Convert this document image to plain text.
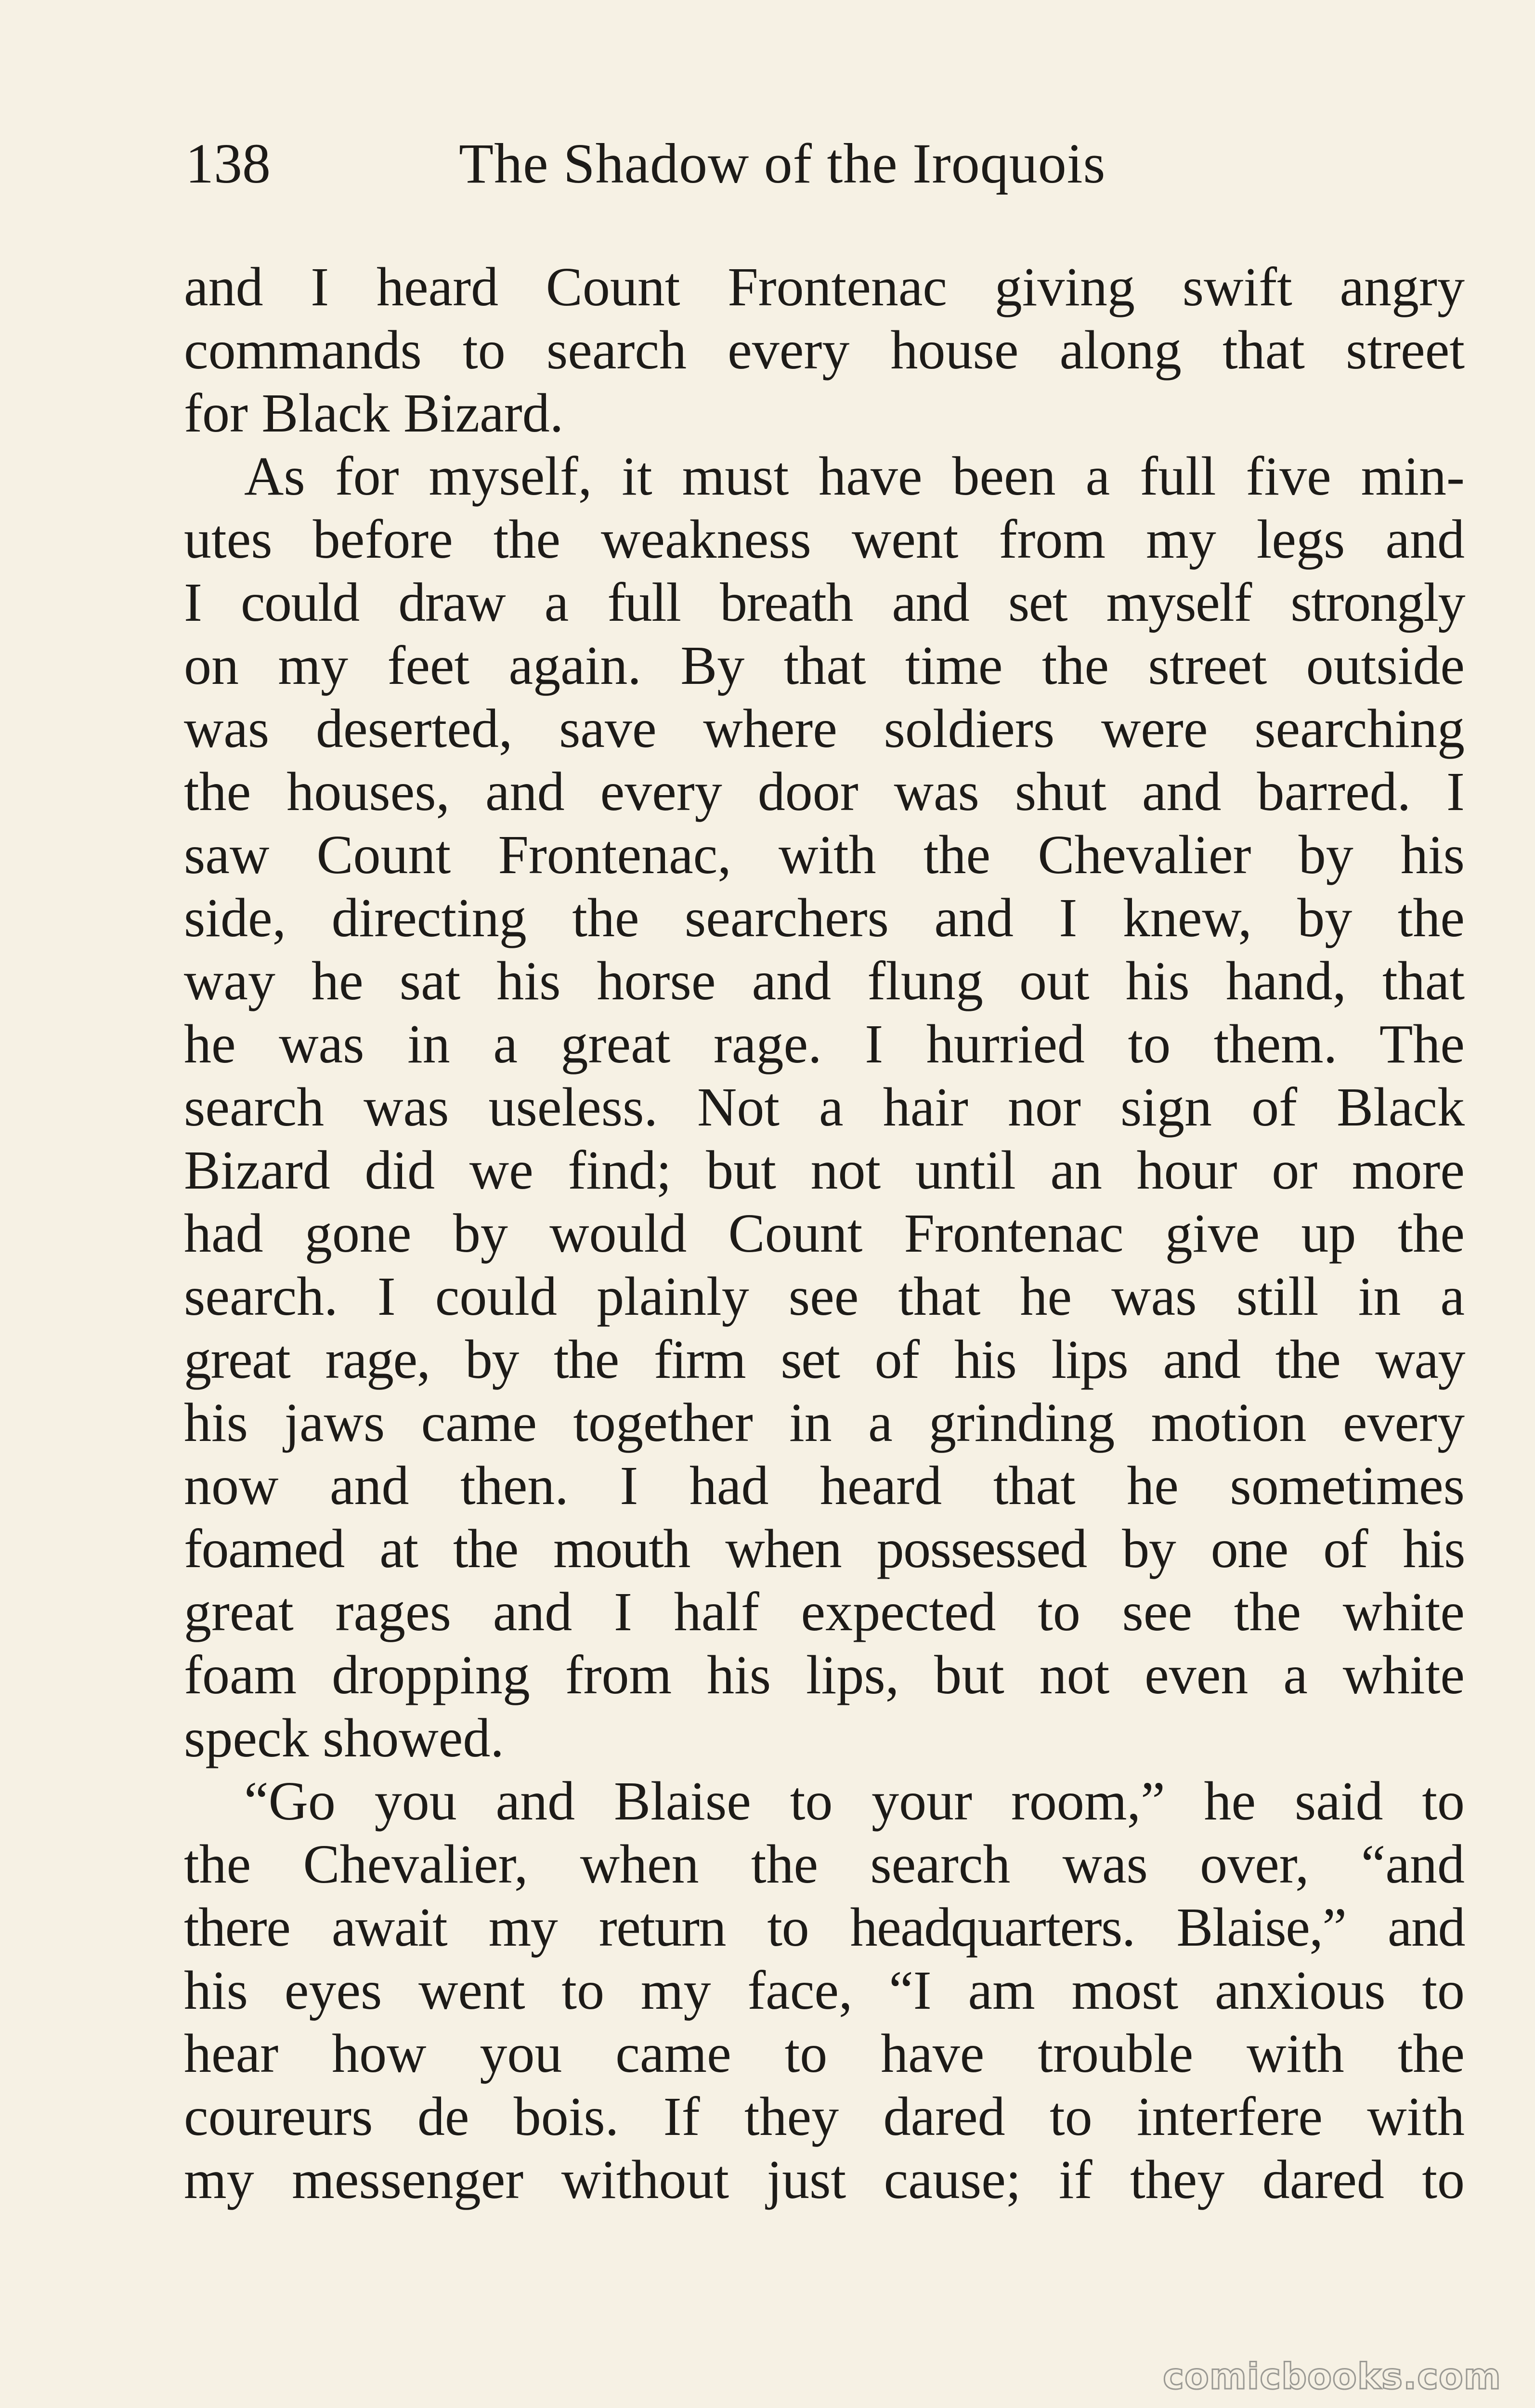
138	The Shadow of the Iroquois
and I heard Count Frontenac giving swift angry
commands to search every house along that street
for Black Bizard.
As for myself, it must have been a full five min-
utes before the weakness went from my legs and
I could draw a full breath and set myself strongly
on my feet again. By that time the street outside
was deserted, save where soldiers were searching
the houses, and every door was shut and barred. I
saw Count Frontenac, with the Chevalier by his
side, directing the searchers and I knew, by the
way he sat his horse and flung out his hand, that
he was in a great rage. I hurried to them. The
search was useless. Not a hair nor sign of Black
Bizard did we find; but not until an hour or more
had gone by would Count Frontenac give up the
search. I could plainly see that he was still in a
great rage, by the firm set of his lips and the way
his jaws came together in a grinding motion every
now and then. I had heard that he sometimes
foamed at the mouth when possessed by one of his
great rages and I half expected to see the white
foam dropping from his lips, but not even a white
speck showed.
“Go you and Blaise to your room,” he said to
the Chevalier, when the search was over, “and
there await my return to headquarters. Blaise,” and
his eyes went to my face, “I am most anxious to
hear how you came to have trouble with the
coureurs de bois. If they dared to interfere with
my messenger without just cause; if they dared to
comicbooks.com
